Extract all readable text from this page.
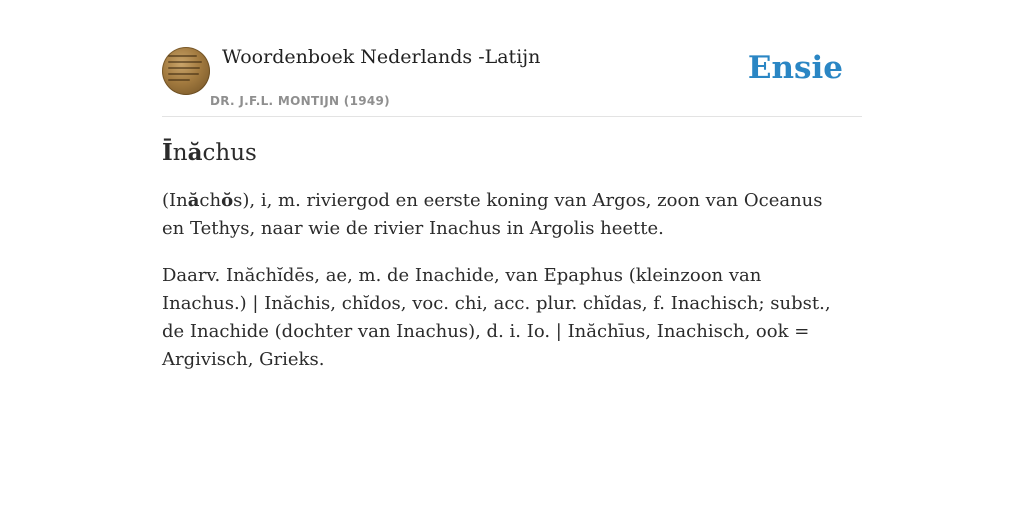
Woordenboek Nederlands -Latijn
DR. J.F.L. MONTIJN (1949)
Ensie
Īnăchus

(Inăchŏs), i, m. riviergod en eerste koning van Argos, zoon van Oceanus en Tethys, naar wie de rivier Inachus in Argolis heette.

Daarv. Inăchĭdēs, ae, m. de Inachide, van Epaphus (kleinzoon van Inachus.) | Inăchis, chĭdos, voc. chi, acc. plur. chĭdas, f. Inachisch; subst., de Inachide (dochter van Inachus), d. i. Io. | Inăchīus, Inachisch, ook = Argivisch, Grieks.
